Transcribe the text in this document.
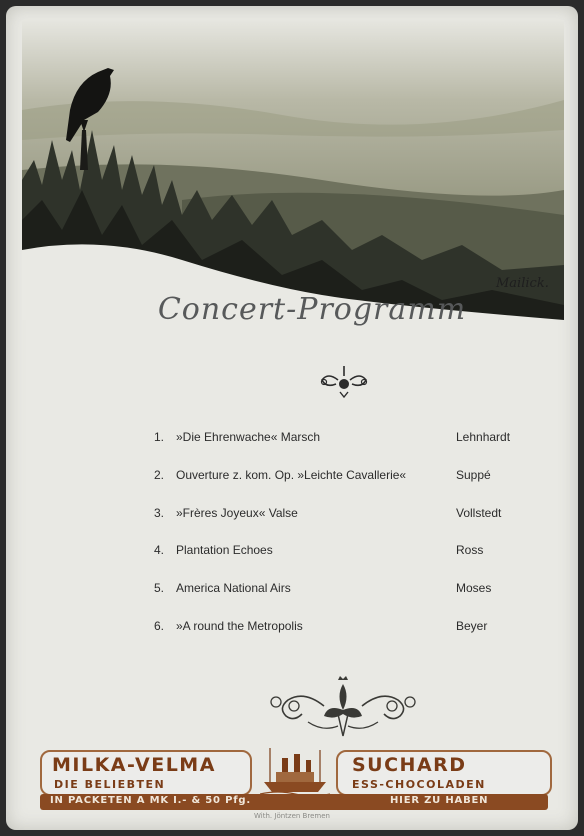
Mailick.
Concert-Programm
1. »Die Ehrenwache« Marsch	Lehnhardt
2. Ouverture z. kom. Op. »Leichte Cavallerie«	Suppé
3. »Frères Joyeux« Valse	Vollstedt
4. Plantation Echoes	Ross
5. America National Airs	Moses
6. »A round the Metropolis	Beyer
MILKA-VELMA
DIE BELIEBTEN
SUCHARD
ESS-CHOCOLADEN
IN PACKETEN A MK I.- & 50 Pfg.	HIER ZU HABEN
With. Jöntzen Bremen
